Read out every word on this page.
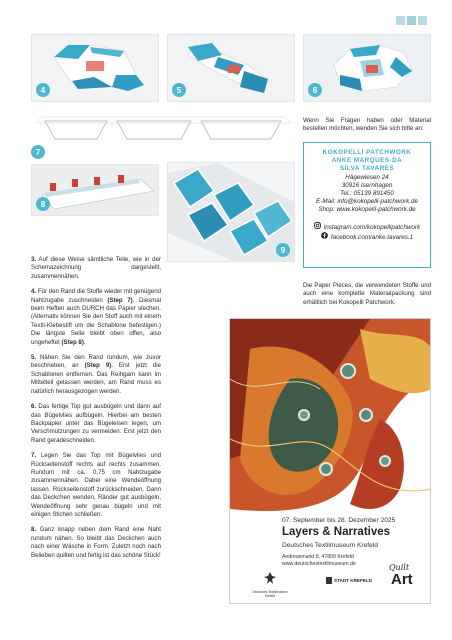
4	5	6
7
8
9

3. Auf diese Weise sämtliche Teile, wie in der Schemazeichnung dargestellt, zusammennähen.

4. Für den Rand die Stoffe wieder mit genügend Nahtzugabe zuschneiden (Step 7). Diesmal beim Heften auch DURCH das Papier stechen. (Alternativ können Sie den Stoff auch mit einem Textil-Klebestift um die Schablone befestigen.) Die längste Seite bleibt oben offen, also ungeheftet (Step 8).

5. Nähen Sie den Rand rundum, wie zuvor beschrieben, an (Step 9). Erst jetzt die Schablonen entfernen. Das Reihgarn kann im Mittelteil gelassen werden, am Rand muss es natürlich herausgezogen werden.

6. Das fertige Top gut ausbügeln und dann auf das Bügelvlies aufbügeln. Hierbei am besten Backpapier unter das Bügeleisen legen, um Verschmutzungen zu vermeiden. Erst jetzt den Rand geradeschneiden.

7. Legen Sie das Top mit Bügelvlies und Rückseitenstoff rechts auf rechts zusammen. Rundum mit ca. 0,75 cm Nahtzugabe zusammennähen. Dabei eine Wendeöffnung lassen. Rückseitenstoff zurückschneiden. Dann das Deckchen wenden, Ränder gut ausbügeln, Wendeöffnung sehr genau bügeln und mit einigen Stichen schließen.

8. Ganz knapp neben dem Rand eine Naht rundum nähen. So bleibt das Deckchen auch nach einer Wäsche in Form. Zuletzt noch nach Belieben quilten und fertig ist das schöne Stück!

Wenn Sie Fragen haben oder Material bestellen möchten, wenden Sie sich bitte an:
KOKOPELLI PATCHWORK
ANKE MARQUES-DA
SILVA TAVARES
Hägewiesen 24
30916 Isernhagen
Tel.: 05139 891450
E-Mail: info@kokopelli-patchwork.de
Shop: www.kokopelli-patchwork.de
instagram.com/kokopellipatchwork
facebook.com/anke.tavares.1
Die Paper Pieces, die verwendeten Stoffe und auch eine komplette Materialpackung sind erhältlich bei Kokopelli Patchwork.
07. September bis 28. Dezember 2025
Layers & Narratives
Deutsches Textilmuseum Krefeld
Andreasmarkt 8, 47809 Krefeld
www.deutschestextilmuseum.de
Deutsches Textilmuseum Krefeld
STADT KREFELD
Quilt
Art
